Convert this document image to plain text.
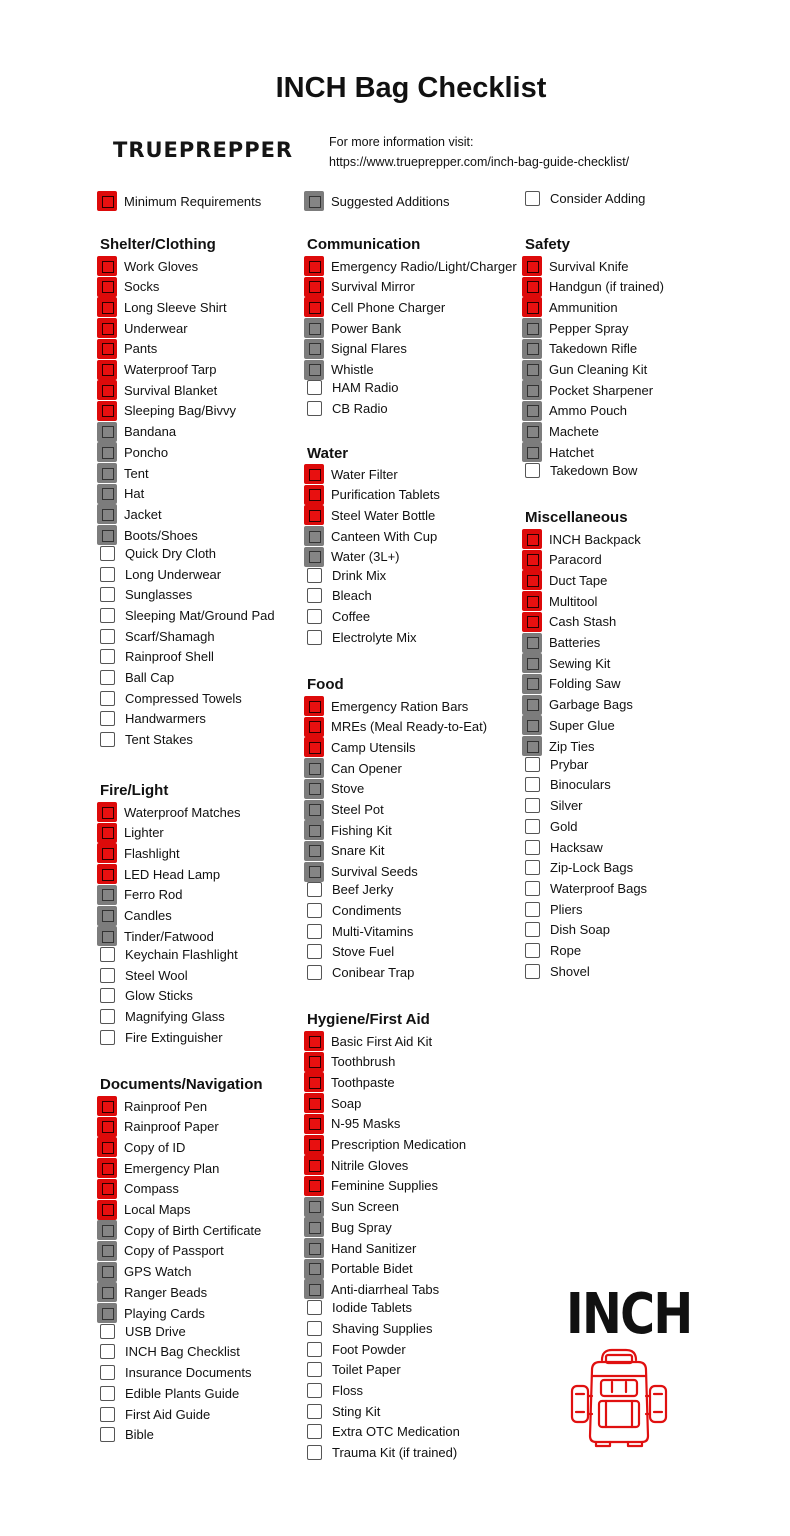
INCH Bag Checklist
TRUEPREPPER	For more information visit:
https://www.trueprepper.com/inch-bag-guide-checklist/
Minimum Requirements	Suggested Additions	Consider Adding
Shelter/Clothing
Work Gloves
Socks
Long Sleeve Shirt
Underwear
Pants
Waterproof Tarp
Survival Blanket
Sleeping Bag/Bivvy
Bandana
Poncho
Tent
Hat
Jacket
Boots/Shoes
Quick Dry Cloth
Long Underwear
Sunglasses
Sleeping Mat/Ground Pad
Scarf/Shamagh
Rainproof Shell
Ball Cap
Compressed Towels
Handwarmers
Tent Stakes
Fire/Light
Waterproof Matches
Lighter
Flashlight
LED Head Lamp
Ferro Rod
Candles
Tinder/Fatwood
Keychain Flashlight
Steel Wool
Glow Sticks
Magnifying Glass
Fire Extinguisher
Documents/Navigation
Rainproof Pen
Rainproof Paper
Copy of ID
Emergency Plan
Compass
Local Maps
Copy of Birth Certificate
Copy of Passport
GPS Watch
Ranger Beads
Playing Cards
USB Drive
INCH Bag Checklist
Insurance Documents
Edible Plants Guide
First Aid Guide
Bible
Communication
Emergency Radio/Light/Charger
Survival Mirror
Cell Phone Charger
Power Bank
Signal Flares
Whistle
HAM Radio
CB Radio
Water
Water Filter
Purification Tablets
Steel Water Bottle
Canteen With Cup
Water (3L+)
Drink Mix
Bleach
Coffee
Electrolyte Mix
Food
Emergency Ration Bars
MREs (Meal Ready-to-Eat)
Camp Utensils
Can Opener
Stove
Steel Pot
Fishing Kit
Snare Kit
Survival Seeds
Beef Jerky
Condiments
Multi-Vitamins
Stove Fuel
Conibear Trap
Hygiene/First Aid
Basic First Aid Kit
Toothbrush
Toothpaste
Soap
N-95 Masks
Prescription Medication
Nitrile Gloves
Feminine Supplies
Sun Screen
Bug Spray
Hand Sanitizer
Portable Bidet
Anti-diarrheal Tabs
Iodide Tablets
Shaving Supplies
Foot Powder
Toilet Paper
Floss
Sting Kit
Extra OTC Medication
Trauma Kit (if trained)
Safety
Survival Knife
Handgun (if trained)
Ammunition
Pepper Spray
Takedown Rifle
Gun Cleaning Kit
Pocket Sharpener
Ammo Pouch
Machete
Hatchet
Takedown Bow
Miscellaneous
INCH Backpack
Paracord
Duct Tape
Multitool
Cash Stash
Batteries
Sewing Kit
Folding Saw
Garbage Bags
Super Glue
Zip Ties
Prybar
Binoculars
Silver
Gold
Hacksaw
Zip-Lock Bags
Waterproof Bags
Pliers
Dish Soap
Rope
Shovel
INCH
